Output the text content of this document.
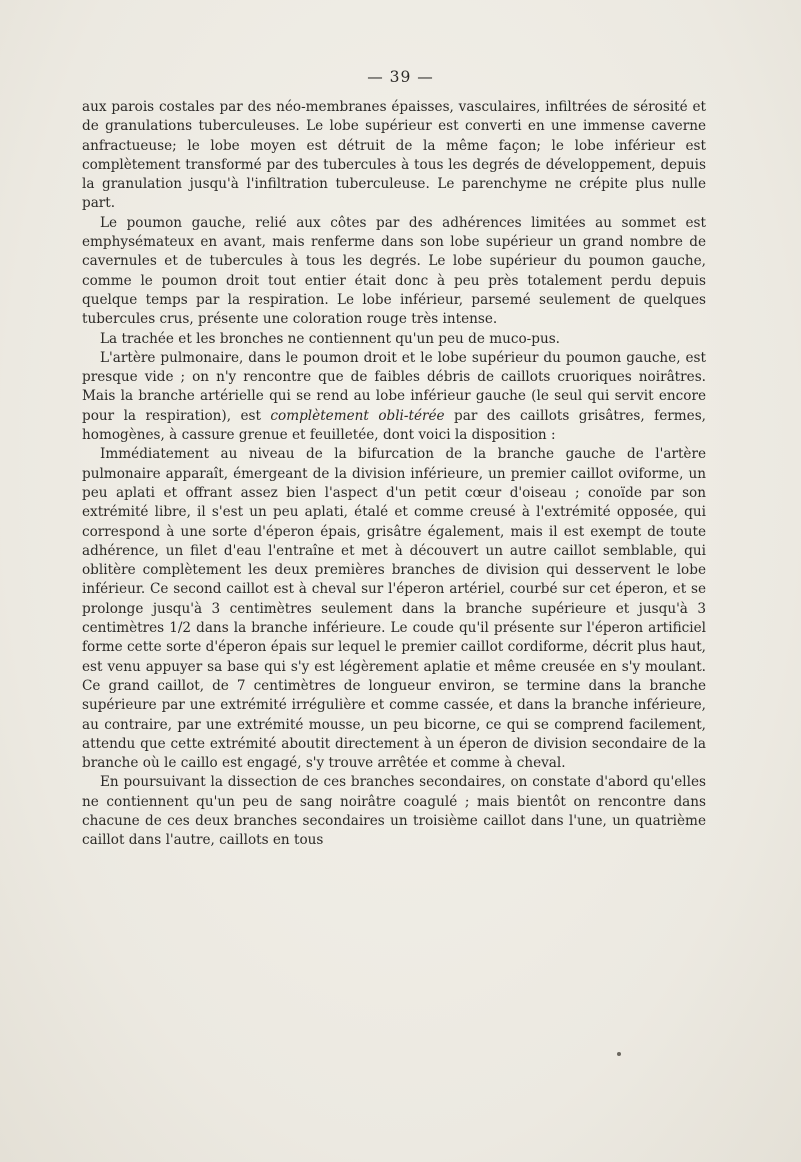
— 39 —

aux parois costales par des néo-membranes épaisses, vasculaires, infiltrées de sérosité et de granulations tuberculeuses. Le lobe supérieur est converti en une immense caverne anfractueuse; le lobe moyen est détruit de la même façon; le lobe inférieur est complètement transformé par des tubercules à tous les degrés de développement, depuis la granulation jusqu'à l'infiltration tuberculeuse. Le parenchyme ne crépite plus nulle part.

Le poumon gauche, relié aux côtes par des adhérences limitées au sommet est emphysémateux en avant, mais renferme dans son lobe supérieur un grand nombre de cavernules et de tubercules à tous les degrés. Le lobe supérieur du poumon gauche, comme le poumon droit tout entier était donc à peu près totalement perdu depuis quelque temps par la respiration. Le lobe inférieur, parsemé seulement de quelques tubercules crus, présente une coloration rouge très intense.

La trachée et les bronches ne contiennent qu'un peu de muco-pus.

L'artère pulmonaire, dans le poumon droit et le lobe supérieur du poumon gauche, est presque vide ; on n'y rencontre que de faibles débris de caillots cruoriques noirâtres. Mais la branche artérielle qui se rend au lobe inférieur gauche (le seul qui servit encore pour la respiration), est complètement obli-térée par des caillots grisâtres, fermes, homogènes, à cassure grenue et feuilletée, dont voici la disposition :

Immédiatement au niveau de la bifurcation de la branche gauche de l'artère pulmonaire apparaît, émergeant de la division inférieure, un premier caillot oviforme, un peu aplati et offrant assez bien l'aspect d'un petit cœur d'oiseau ; conoïde par son extrémité libre, il s'est un peu aplati, étalé et comme creusé à l'extrémité opposée, qui correspond à une sorte d'éperon épais, grisâtre également, mais il est exempt de toute adhérence, un filet d'eau l'entraîne et met à découvert un autre caillot semblable, qui oblitère complètement les deux premières branches de division qui desservent le lobe inférieur. Ce second caillot est à cheval sur l'éperon artériel, courbé sur cet éperon, et se prolonge jusqu'à 3 centimètres seulement dans la branche supérieure et jusqu'à 3 centimètres 1/2 dans la branche inférieure. Le coude qu'il présente sur l'éperon artificiel forme cette sorte d'éperon épais sur lequel le premier caillot cordiforme, décrit plus haut, est venu appuyer sa base qui s'y est légèrement aplatie et même creusée en s'y moulant. Ce grand caillot, de 7 centimètres de longueur environ, se termine dans la branche supérieure par une extrémité irrégulière et comme cassée, et dans la branche inférieure, au contraire, par une extrémité mousse, un peu bicorne, ce qui se comprend facilement, attendu que cette extrémité aboutit directement à un éperon de division secondaire de la branche où le caillo est engagé, s'y trouve arrêtée et comme à cheval.

En poursuivant la dissection de ces branches secondaires, on constate d'abord qu'elles ne contiennent qu'un peu de sang noirâtre coagulé ; mais bientôt on rencontre dans chacune de ces deux branches secondaires un troisième caillot dans l'une, un quatrième caillot dans l'autre, caillots en tous
